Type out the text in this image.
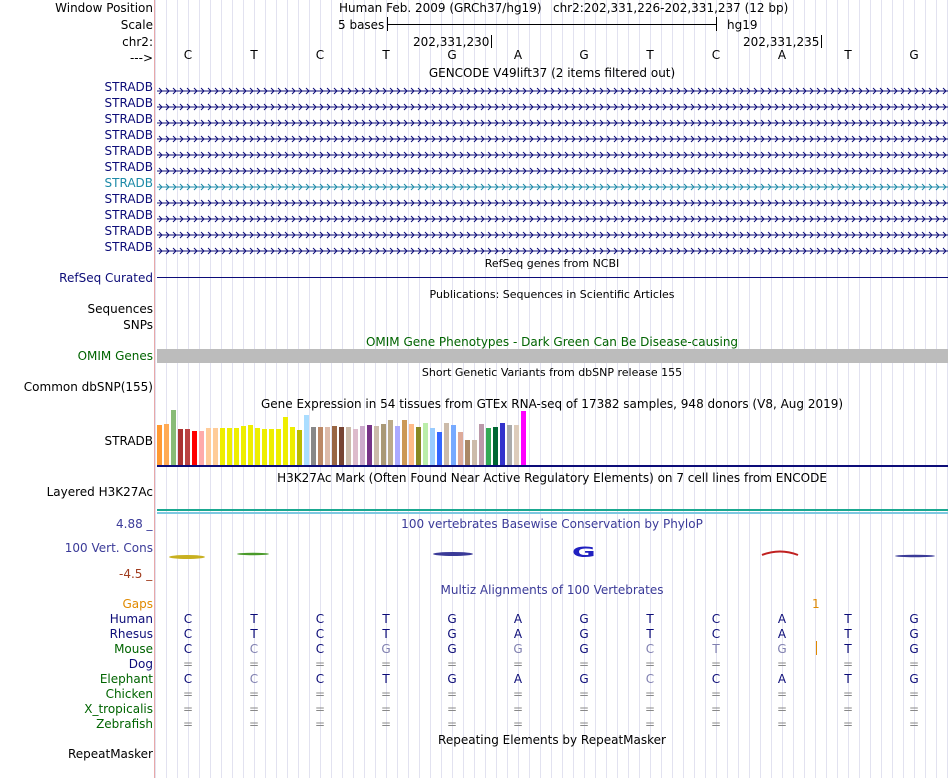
Window Position
Scale
chr2:
--->
Human Feb. 2009 (GRCh37/hg19) chr2:202,331,226-202,331,237 (12 bp)
5 bases	hg19
202,331,230	202,331,235
C	T	C	T	G	A	G	T	C	A	T	G
GENCODE V49lift37 (2 items filtered out)
STRADB
STRADB
STRADB
STRADB
STRADB
STRADB
STRADB
STRADB
STRADB
STRADB
STRADB
RefSeq genes from NCBI
RefSeq Curated
Publications: Sequences in Scientific Articles
Sequences
SNPs
OMIM Gene Phenotypes - Dark Green Can Be Disease-causing
OMIM Genes
Short Genetic Variants from dbSNP release 155
Common dbSNP(155)
Gene Expression in 54 tissues from GTEx RNA-seq of 17382 samples, 948 donors (V8, Aug 2019)
STRADB
H3K27Ac Mark (Often Found Near Active Regulatory Elements) on 7 cell lines from ENCODE
Layered H3K27Ac
100 vertebrates Basewise Conservation by PhyloP
4.88 _
100 Vert. Cons
-4.5 _
G
Multiz Alignments of 100 Vertebrates
Gaps	1
Human	C	T	C	T	G	A	G	T	C	A	T	G
Rhesus	C	T	C	T	G	A	G	T	C	A	T	G
Mouse	C	C	C	G	G	G	G	C	T	G	T	G
Dog =	=	=	=	=	=	=	=	=	=	=	=
Elephant	C	C	C	T	G	A	G	C	C	A	T	G
Chicken =	=	=	=	=	=	=	=	=	=	=	=
X_tropicalis =	=	=	=	=	=	=	=	=	=	=	=
Zebrafish =	=	=	=	=	=	=	=	=	=	=	=
Repeating Elements by RepeatMasker
RepeatMasker
